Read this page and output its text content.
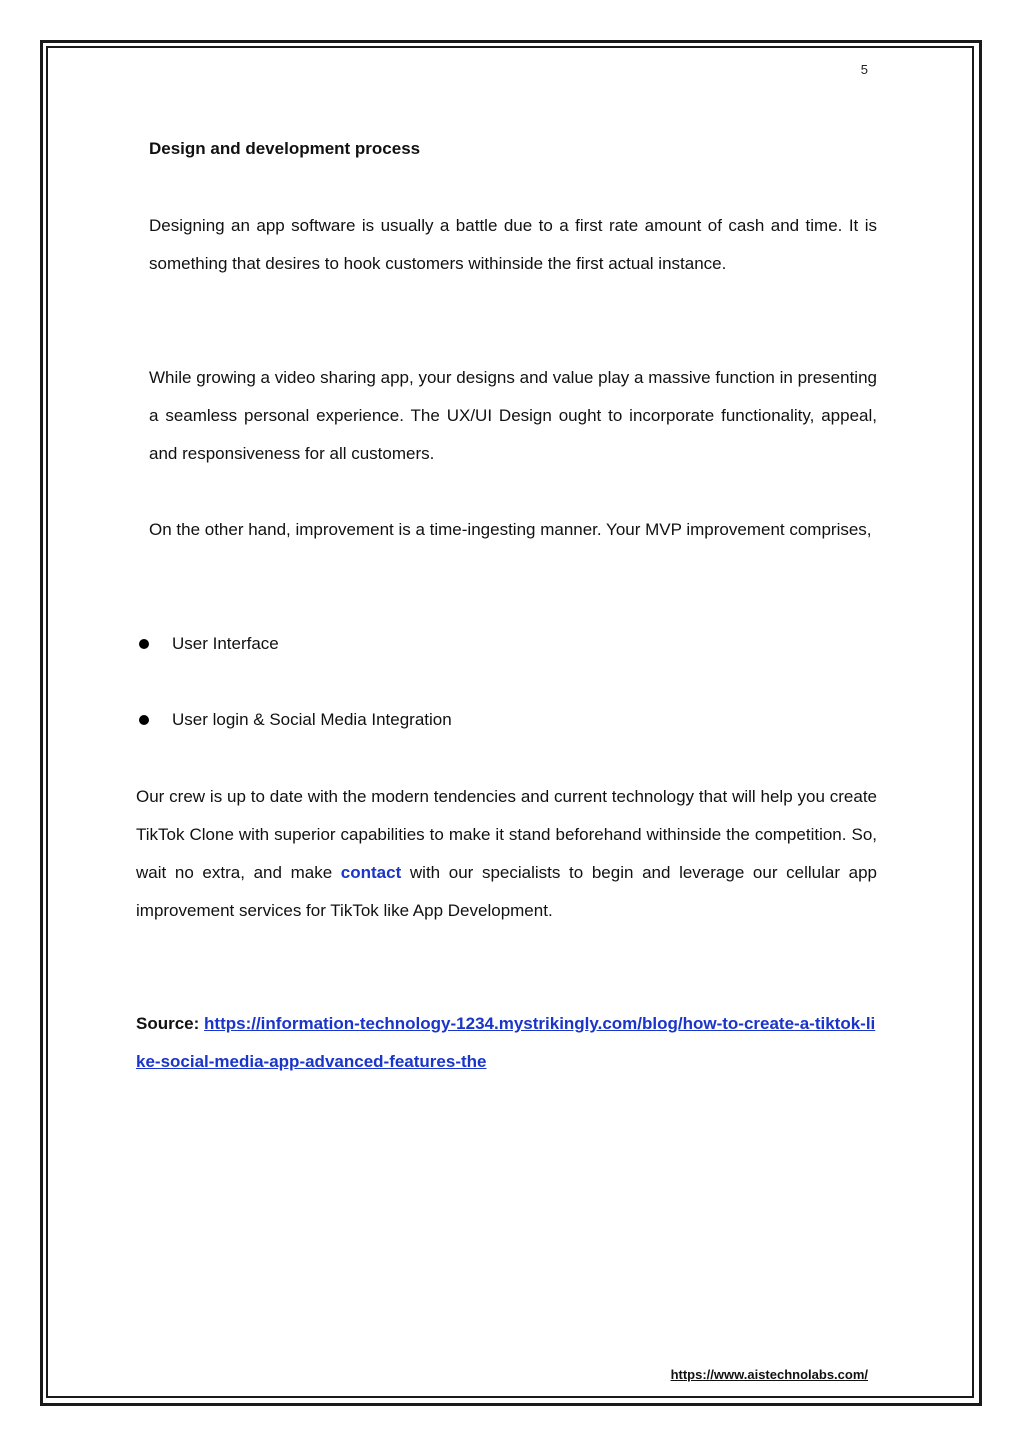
5
Design and development process

Designing an app software is usually a battle due to a first rate amount of cash and time. It is something that desires to hook customers withinside the first actual instance.

While growing a video sharing app, your designs and value play a massive function in presenting a seamless personal experience. The UX/UI Design ought to incorporate functionality, appeal, and responsiveness for all customers.

On the other hand, improvement is a time-ingesting manner. Your MVP improvement comprises,

User Interface
User login & Social Media Integration

Our crew is up to date with the modern tendencies and current technology that will help you create TikTok Clone with superior capabilities to make it stand beforehand withinside the competition. So, wait no extra, and make contact with our specialists to begin and leverage our cellular app improvement services for TikTok like App Development.

Source: https://information-technology-1234.mystrikingly.com/blog/how-to-create-a-tiktok-like-social-media-app-advanced-features-the

https://www.aistechnolabs.com/
